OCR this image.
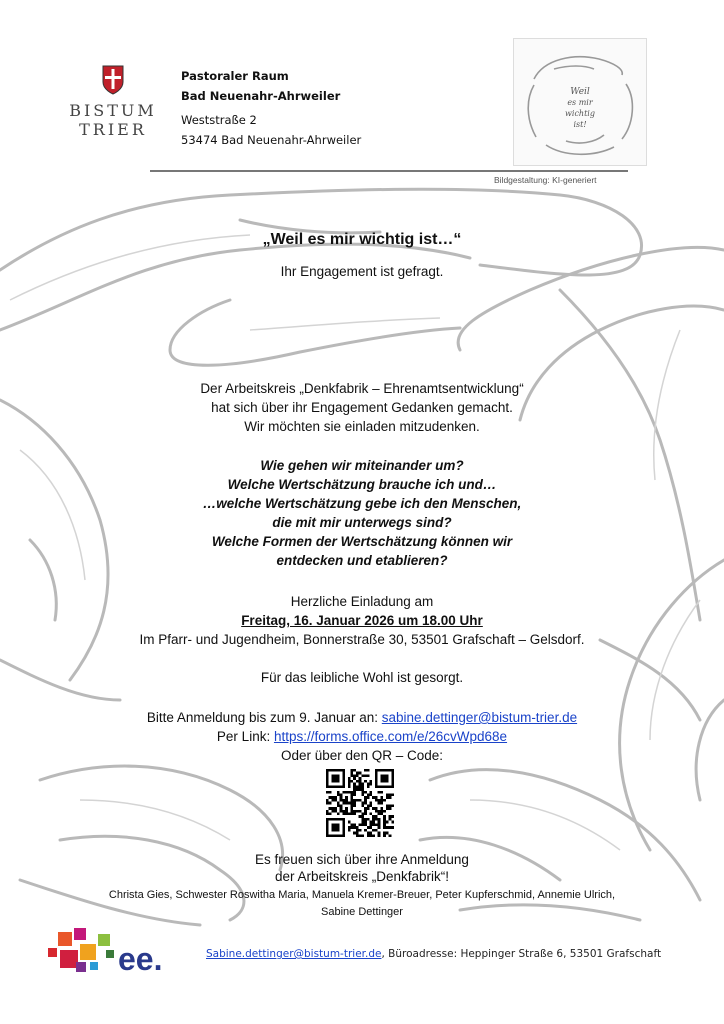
BISTUM
TRIER
Pastoraler Raum
Bad Neuenahr-Ahrweiler
Weststraße 2
53474 Bad Neuenahr-Ahrweiler
Weil
es mir
wichtig
ist!
Bildgestaltung: KI-generiert
„Weil es mir wichtig ist…“
Ihr Engagement ist gefragt.
Der Arbeitskreis „Denkfabrik – Ehrenamtsentwicklung“
hat sich über ihr Engagement Gedanken gemacht.
Wir möchten sie einladen mitzudenken.
Wie gehen wir miteinander um?
Welche Wertschätzung brauche ich und…
…welche Wertschätzung gebe ich den Menschen,
die mit mir unterwegs sind?
Welche Formen der Wertschätzung können wir
entdecken und etablieren?
Herzliche Einladung am
Freitag, 16. Januar 2026 um 18.00 Uhr
Im Pfarr- und Jugendheim, Bonnerstraße 30, 53501 Grafschaft – Gelsdorf.
Für das leibliche Wohl ist gesorgt.
Bitte Anmeldung bis zum 9. Januar an: sabine.dettinger@bistum-trier.de
Per Link: https://forms.office.com/e/26cvWpd68e
Oder über den QR – Code:
Es freuen sich über ihre Anmeldung
der Arbeitskreis „Denkfabrik“!
Christa Gies, Schwester Roswitha Maria, Manuela Kremer-Breuer, Peter Kupferschmid, Annemie Ulrich,
Sabine Dettinger
ee.	Sabine.dettinger@bistum-trier.de, Büroadresse: Heppinger Straße 6, 53501 Grafschaft
